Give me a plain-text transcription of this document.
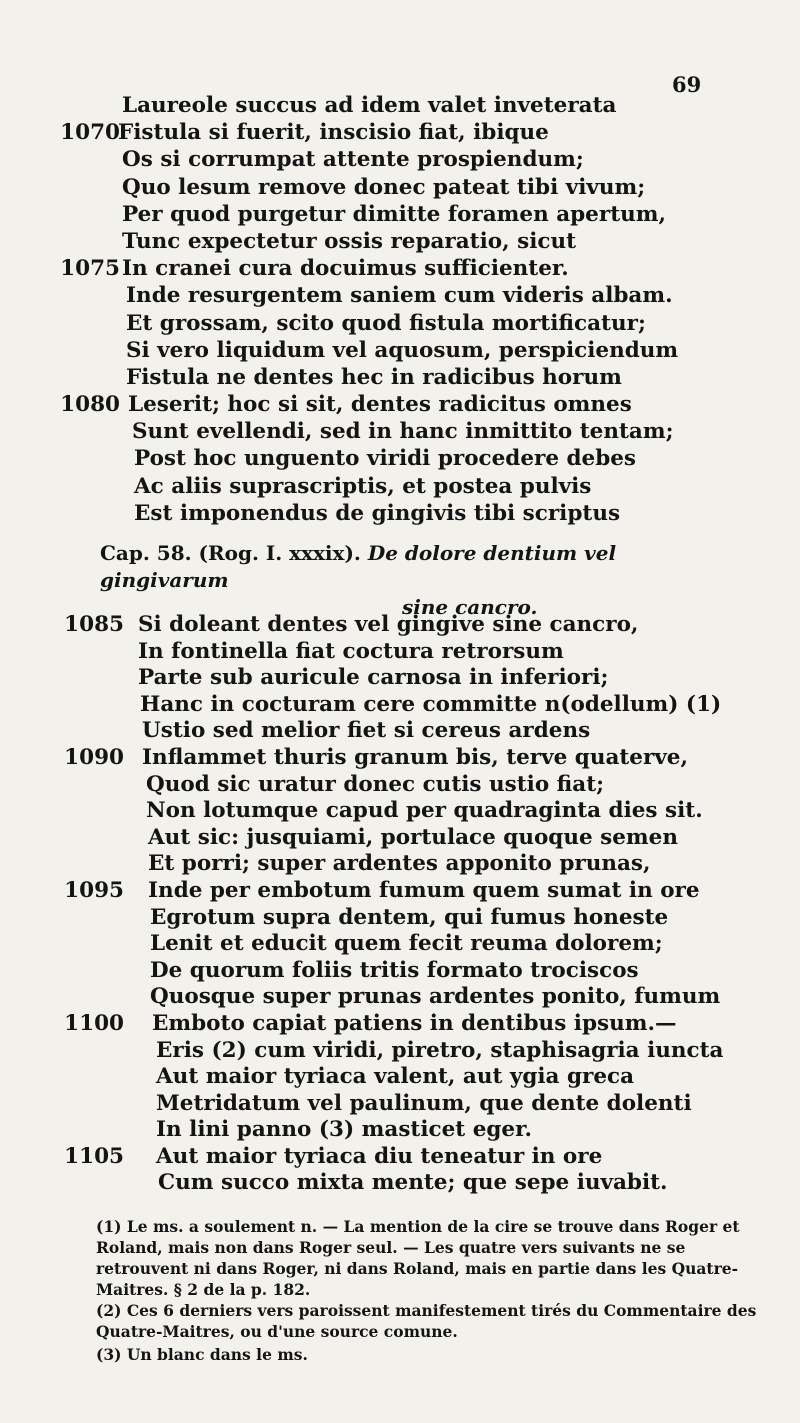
69
Laureole succus ad idem valet inveterata
1070
Fistula si fuerit, inscisio fiat, ibique
Os si corrumpat attente prospiendum;
Quo lesum remove donec pateat tibi vivum;
Per quod purgetur dimitte foramen apertum,
Tunc expectetur ossis reparatio, sicut
1075 In cranei cura docuimus sufficienter.
Inde resurgentem saniem cum videris albam.
Et grossam, scito quod fistula mortificatur;
Si vero liquidum vel aquosum, perspiciendum
Fistula ne dentes hec in radicibus horum
1080 Leserit; hoc si sit, dentes radicitus omnes
Sunt evellendi, sed in hanc inmittito tentam;
Post hoc unguento viridi procedere debes
Ac aliis suprascriptis, et postea pulvis
Est imponendus de gingivis tibi scriptus
Cap. 58. (Rog. I. xxxix). De dolore dentium vel gingivarum
sine cancro.
1085 Si doleant dentes vel gingive sine cancro,
In fontinella fiat coctura retrorsum
Parte sub auricule carnosa in inferiori;
Hanc in cocturam cere committe n(odellum) (1)
Ustio sed melior fiet si cereus ardens
1090 Inflammet thuris granum bis, terve quaterve,
Quod sic uratur donec cutis ustio fiat;
Non lotumque capud per quadraginta dies sit.
Aut sic: jusquiami, portulace quoque semen
Et porri; super ardentes apponito prunas,
1095 Inde per embotum fumum quem sumat in ore
Egrotum supra dentem, qui fumus honeste
Lenit et educit quem fecit reuma dolorem;
De quorum foliis tritis formato trociscos
Quosque super prunas ardentes ponito, fumum
1100 Emboto capiat patiens in dentibus ipsum.—
Eris (2) cum viridi, piretro, staphisagria iuncta
Aut maior tyriaca valent, aut ygia greca
Metridatum vel paulinum, que dente dolenti
In lini panno (3) masticet eger.
1105 Aut maior tyriaca diu teneatur in ore
Cum succo mixta mente; que sepe iuvabit.

(1) Le ms. a soulement n. — La mention de la cire se trouve dans Roger et Roland, mais non dans Roger seul. — Les quatre vers suivants ne se retrouvent ni dans Roger, ni dans Roland, mais en partie dans les Quatre-Maitres. § 2 de la p. 182.

(2) Ces 6 derniers vers paroissent manifestement tirés du Commentaire des Quatre-Maitres, ou d'une source comune.

(3) Un blanc dans le ms.
